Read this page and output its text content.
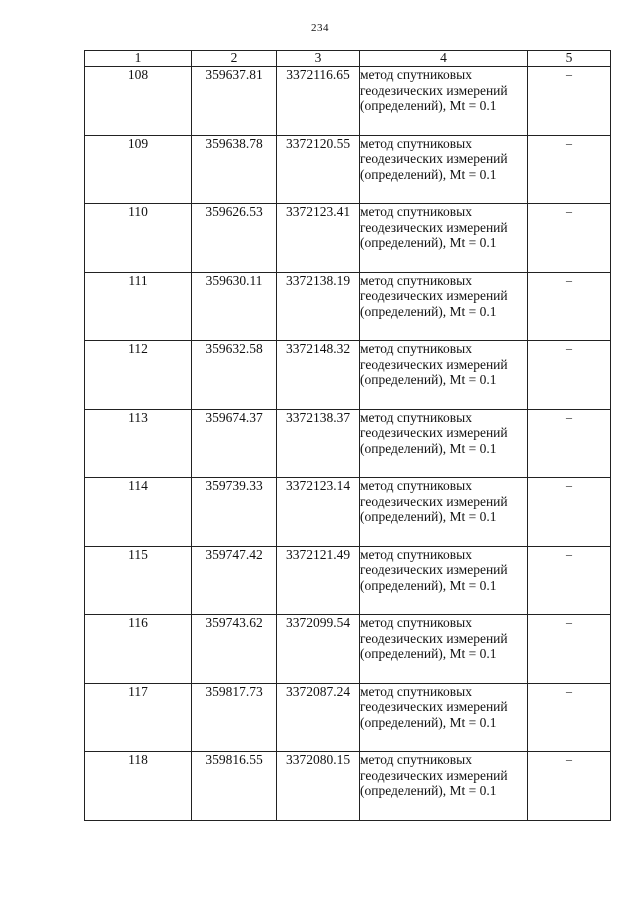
234
1	2	3	4	5
108	359637.81	3372116.65	метод спутниковых геодезических измерений (определений), Mt = 0.1	–
109	359638.78	3372120.55	метод спутниковых геодезических измерений (определений), Mt = 0.1	–
110	359626.53	3372123.41	метод спутниковых геодезических измерений (определений), Mt = 0.1	–
111	359630.11	3372138.19	метод спутниковых геодезических измерений (определений), Mt = 0.1	–
112	359632.58	3372148.32	метод спутниковых геодезических измерений (определений), Mt = 0.1	–
113	359674.37	3372138.37	метод спутниковых геодезических измерений (определений), Mt = 0.1	–
114	359739.33	3372123.14	метод спутниковых геодезических измерений (определений), Mt = 0.1	–
115	359747.42	3372121.49	метод спутниковых геодезических измерений (определений), Mt = 0.1	–
116	359743.62	3372099.54	метод спутниковых геодезических измерений (определений), Mt = 0.1	–
117	359817.73	3372087.24	метод спутниковых геодезических измерений (определений), Mt = 0.1	–
118	359816.55	3372080.15	метод спутниковых геодезических измерений (определений), Mt = 0.1	–
